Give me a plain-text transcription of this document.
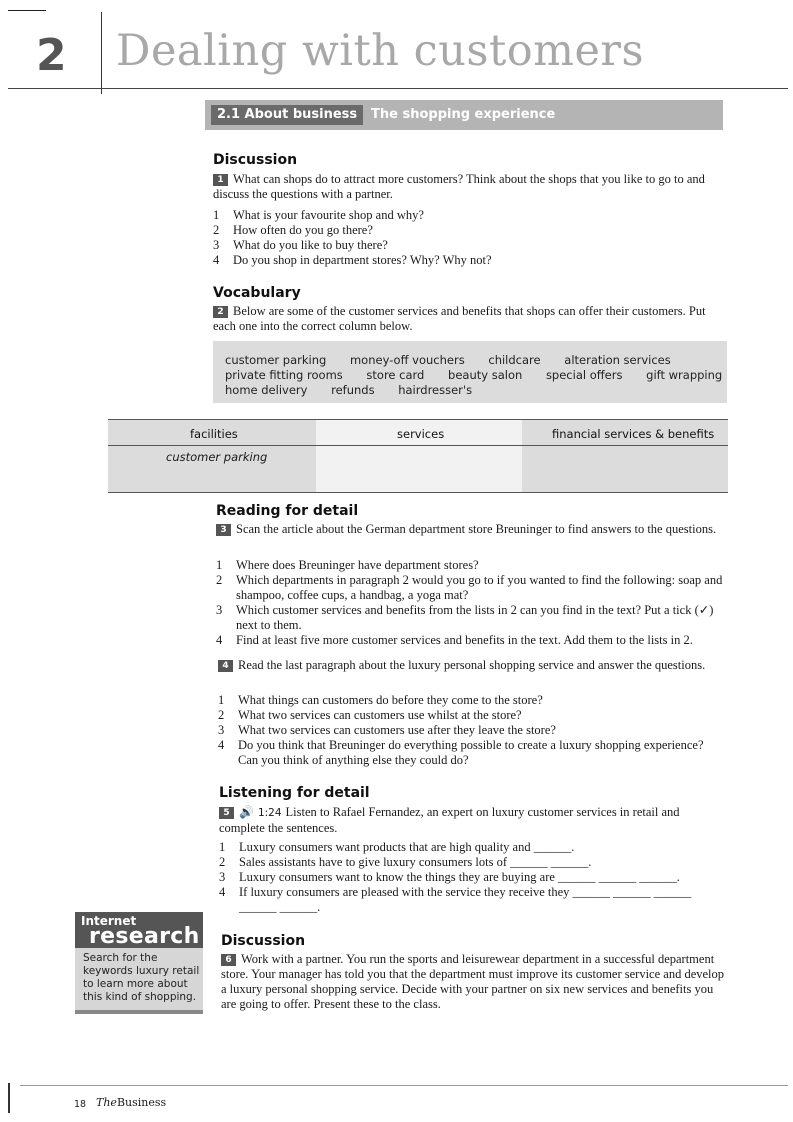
2 Dealing with customers
2.1 About business	The shopping experience
Discussion
1 What can shops do to attract more customers? Think about the shops that you like to go to and discuss the questions with a partner.
1 What is your favourite shop and why?
2 How often do you go there?
3 What do you like to buy there?
4 Do you shop in department stores? Why? Why not?
Vocabulary
2 Below are some of the customer services and benefits that shops can offer their customers. Put each one into the correct column below.
customer parking money-off vouchers childcare alteration services
private fitting rooms store card beauty salon special offers gift wrapping
home delivery refunds hairdresser's
facilities	services	financial services & benefits
customer parking
Reading for detail
3 Scan the article about the German department store Breuninger to find answers to the questions.
1 Where does Breuninger have department stores?
2 Which departments in paragraph 2 would you go to if you wanted to find the following: soap and shampoo, coffee cups, a handbag, a yoga mat?
3 Which customer services and benefits from the lists in 2 can you find in the text? Put a tick (✓) next to them.
4 Find at least five more customer services and benefits in the text. Add them to the lists in 2.
4 Read the last paragraph about the luxury personal shopping service and answer the questions.
1 What things can customers do before they come to the store?
2 What two services can customers use whilst at the store?
3 What two services can customers use after they leave the store?
4 Do you think that Breuninger do everything possible to create a luxury shopping experience? Can you think of anything else they could do?
Listening for detail
5 🔊 1:24 Listen to Rafael Fernandez, an expert on luxury customer services in retail and complete the sentences.
1 Luxury consumers want products that are high quality and ______.
2 Sales assistants have to give luxury consumers lots of ______ ______.
3 Luxury consumers want to know the things they are buying are ______ ______ ______.
4 If luxury consumers are pleased with the service they receive they ______ ______ ______ ______ ______.
Internet
research
Search for the keywords luxury retail to learn more about this kind of shopping.
Discussion
6 Work with a partner. You run the sports and leisurewear department in a successful department store. Your manager has told you that the department must improve its customer service and develop a luxury personal shopping service. Decide with your partner on six new services and benefits you are going to offer. Present these to the class.
18 TheBusiness
